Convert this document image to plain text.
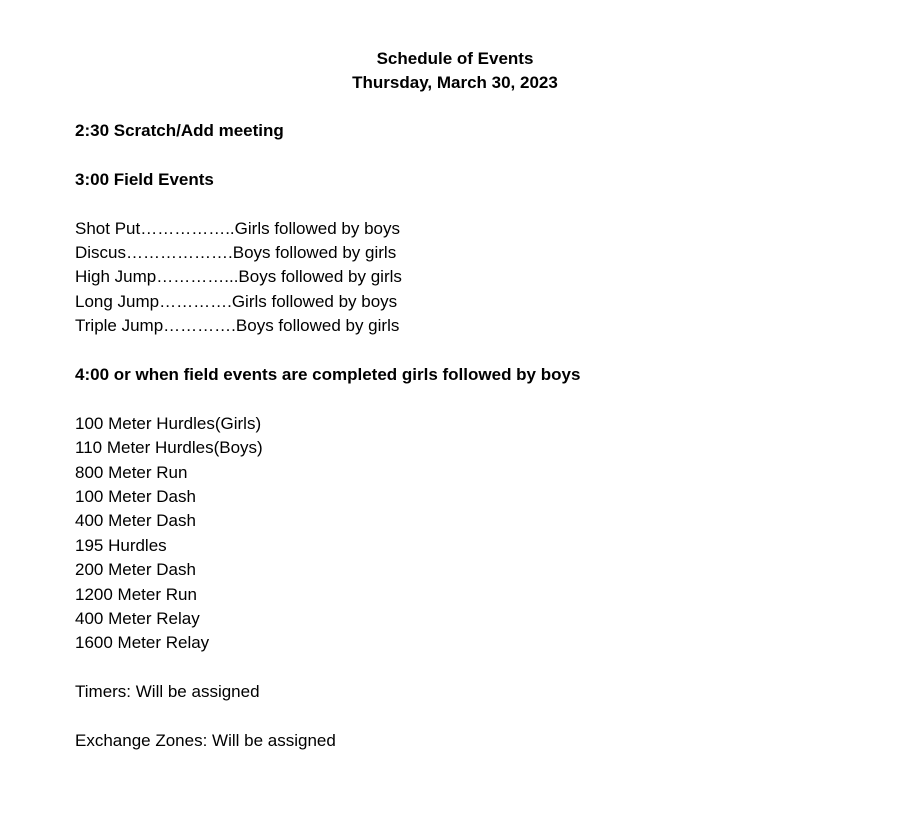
Schedule of Events
Thursday, March 30, 2023

2:30 Scratch/Add meeting

3:00 Field Events

Shot Put……………..Girls followed by boys
Discus……………….Boys followed by girls
High Jump…………...Boys followed by girls
Long Jump………….Girls followed by boys
Triple Jump………….Boys followed by girls

4:00 or when field events are completed girls followed by boys

100 Meter Hurdles(Girls)
110 Meter Hurdles(Boys)
800 Meter Run
100 Meter Dash
400 Meter Dash
195 Hurdles
200 Meter Dash
1200 Meter Run
400 Meter Relay
1600 Meter Relay

Timers: Will be assigned

Exchange Zones: Will be assigned
